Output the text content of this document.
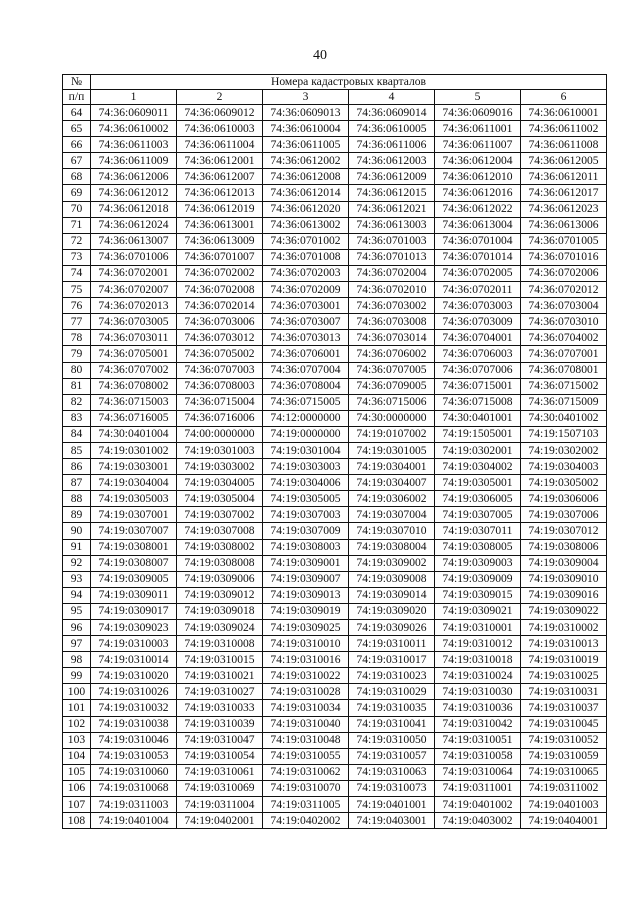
40
№	Номера кадастровых кварталов					
п/п	1	2	3	4	5	6
64	74:36:0609011	74:36:0609012	74:36:0609013	74:36:0609014	74:36:0609016	74:36:0610001
65	74:36:0610002	74:36:0610003	74:36:0610004	74:36:0610005	74:36:0611001	74:36:0611002
66	74:36:0611003	74:36:0611004	74:36:0611005	74:36:0611006	74:36:0611007	74:36:0611008
67	74:36:0611009	74:36:0612001	74:36:0612002	74:36:0612003	74:36:0612004	74:36:0612005
68	74:36:0612006	74:36:0612007	74:36:0612008	74:36:0612009	74:36:0612010	74:36:0612011
69	74:36:0612012	74:36:0612013	74:36:0612014	74:36:0612015	74:36:0612016	74:36:0612017
70	74:36:0612018	74:36:0612019	74:36:0612020	74:36:0612021	74:36:0612022	74:36:0612023
71	74:36:0612024	74:36:0613001	74:36:0613002	74:36:0613003	74:36:0613004	74:36:0613006
72	74:36:0613007	74:36:0613009	74:36:0701002	74:36:0701003	74:36:0701004	74:36:0701005
73	74:36:0701006	74:36:0701007	74:36:0701008	74:36:0701013	74:36:0701014	74:36:0701016
74	74:36:0702001	74:36:0702002	74:36:0702003	74:36:0702004	74:36:0702005	74:36:0702006
75	74:36:0702007	74:36:0702008	74:36:0702009	74:36:0702010	74:36:0702011	74:36:0702012
76	74:36:0702013	74:36:0702014	74:36:0703001	74:36:0703002	74:36:0703003	74:36:0703004
77	74:36:0703005	74:36:0703006	74:36:0703007	74:36:0703008	74:36:0703009	74:36:0703010
78	74:36:0703011	74:36:0703012	74:36:0703013	74:36:0703014	74:36:0704001	74:36:0704002
79	74:36:0705001	74:36:0705002	74:36:0706001	74:36:0706002	74:36:0706003	74:36:0707001
80	74:36:0707002	74:36:0707003	74:36:0707004	74:36:0707005	74:36:0707006	74:36:0708001
81	74:36:0708002	74:36:0708003	74:36:0708004	74:36:0709005	74:36:0715001	74:36:0715002
82	74:36:0715003	74:36:0715004	74:36:0715005	74:36:0715006	74:36:0715008	74:36:0715009
83	74:36:0716005	74:36:0716006	74:12:0000000	74:30:0000000	74:30:0401001	74:30:0401002
84	74:30:0401004	74:00:0000000	74:19:0000000	74:19:0107002	74:19:1505001	74:19:1507103
85	74:19:0301002	74:19:0301003	74:19:0301004	74:19:0301005	74:19:0302001	74:19:0302002
86	74:19:0303001	74:19:0303002	74:19:0303003	74:19:0304001	74:19:0304002	74:19:0304003
87	74:19:0304004	74:19:0304005	74:19:0304006	74:19:0304007	74:19:0305001	74:19:0305002
88	74:19:0305003	74:19:0305004	74:19:0305005	74:19:0306002	74:19:0306005	74:19:0306006
89	74:19:0307001	74:19:0307002	74:19:0307003	74:19:0307004	74:19:0307005	74:19:0307006
90	74:19:0307007	74:19:0307008	74:19:0307009	74:19:0307010	74:19:0307011	74:19:0307012
91	74:19:0308001	74:19:0308002	74:19:0308003	74:19:0308004	74:19:0308005	74:19:0308006
92	74:19:0308007	74:19:0308008	74:19:0309001	74:19:0309002	74:19:0309003	74:19:0309004
93	74:19:0309005	74:19:0309006	74:19:0309007	74:19:0309008	74:19:0309009	74:19:0309010
94	74:19:0309011	74:19:0309012	74:19:0309013	74:19:0309014	74:19:0309015	74:19:0309016
95	74:19:0309017	74:19:0309018	74:19:0309019	74:19:0309020	74:19:0309021	74:19:0309022
96	74:19:0309023	74:19:0309024	74:19:0309025	74:19:0309026	74:19:0310001	74:19:0310002
97	74:19:0310003	74:19:0310008	74:19:0310010	74:19:0310011	74:19:0310012	74:19:0310013
98	74:19:0310014	74:19:0310015	74:19:0310016	74:19:0310017	74:19:0310018	74:19:0310019
99	74:19:0310020	74:19:0310021	74:19:0310022	74:19:0310023	74:19:0310024	74:19:0310025
100	74:19:0310026	74:19:0310027	74:19:0310028	74:19:0310029	74:19:0310030	74:19:0310031
101	74:19:0310032	74:19:0310033	74:19:0310034	74:19:0310035	74:19:0310036	74:19:0310037
102	74:19:0310038	74:19:0310039	74:19:0310040	74:19:0310041	74:19:0310042	74:19:0310045
103	74:19:0310046	74:19:0310047	74:19:0310048	74:19:0310050	74:19:0310051	74:19:0310052
104	74:19:0310053	74:19:0310054	74:19:0310055	74:19:0310057	74:19:0310058	74:19:0310059
105	74:19:0310060	74:19:0310061	74:19:0310062	74:19:0310063	74:19:0310064	74:19:0310065
106	74:19:0310068	74:19:0310069	74:19:0310070	74:19:0310073	74:19:0311001	74:19:0311002
107	74:19:0311003	74:19:0311004	74:19:0311005	74:19:0401001	74:19:0401002	74:19:0401003
108	74:19:0401004	74:19:0402001	74:19:0402002	74:19:0403001	74:19:0403002	74:19:0404001
